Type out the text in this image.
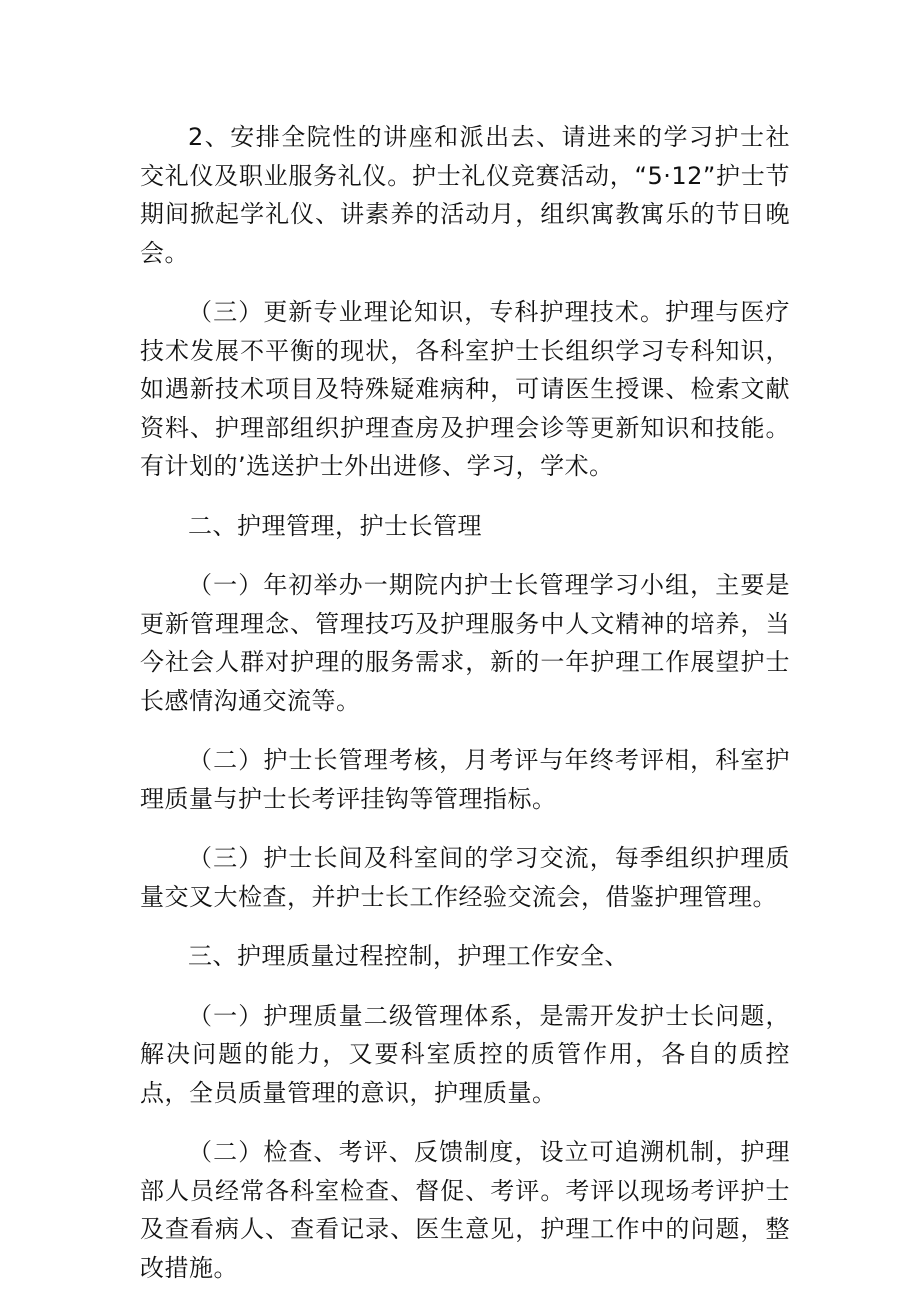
2、安排全院性的讲座和派出去、请进来的学习护士社交礼仪及职业服务礼仪。护士礼仪竞赛活动，“5·12”护士节期间掀起学礼仪、讲素养的活动月，组织寓教寓乐的节日晚会。

（三）更新专业理论知识，专科护理技术。护理与医疗技术发展不平衡的现状，各科室护士长组织学习专科知识，如遇新技术项目及特殊疑难病种，可请医生授课、检索文献资料、护理部组织护理查房及护理会诊等更新知识和技能。有计划的’选送护士外出进修、学习，学术。

二、护理管理，护士长管理

（一）年初举办一期院内护士长管理学习小组，主要是更新管理理念、管理技巧及护理服务中人文精神的培养，当今社会人群对护理的服务需求，新的一年护理工作展望护士长感情沟通交流等。

（二）护士长管理考核，月考评与年终考评相，科室护理质量与护士长考评挂钩等管理指标。

（三）护士长间及科室间的学习交流，每季组织护理质量交叉大检查，并护士长工作经验交流会，借鉴护理管理。

三、护理质量过程控制，护理工作安全、

（一）护理质量二级管理体系，是需开发护士长问题，解决问题的能力，又要科室质控的质管作用，各自的质控点，全员质量管理的意识，护理质量。

（二）检查、考评、反馈制度，设立可追溯机制，护理部人员经常各科室检查、督促、考评。考评以现场考评护士及查看病人、查看记录、医生意见，护理工作中的问题，整改措施。
